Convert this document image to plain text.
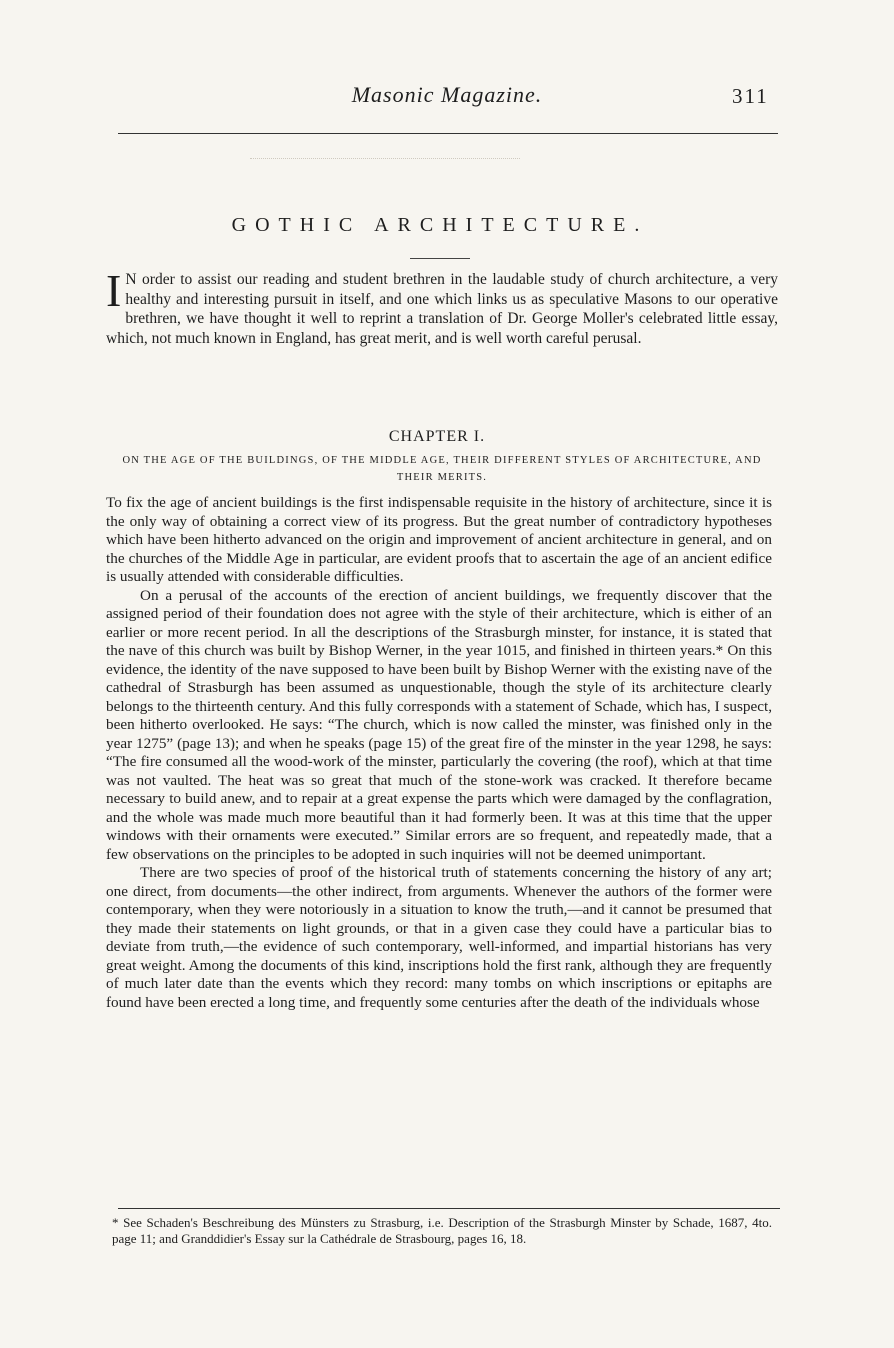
Masonic Magazine.	311
GOTHIC ARCHITECTURE.
I N order to assist our reading and student brethren in the laudable study of church architecture, a very healthy and interesting pursuit in itself, and one which links us as speculative Masons to our operative brethren, we have thought it well to reprint a translation of Dr. George Moller's celebrated little essay, which, not much known in England, has great merit, and is well worth careful perusal.
CHAPTER I.
ON THE AGE OF THE BUILDINGS, OF THE MIDDLE AGE, THEIR DIFFERENT STYLES OF ARCHITECTURE, AND THEIR MERITS.

To fix the age of ancient buildings is the first indispensable requisite in the history of architecture, since it is the only way of obtaining a correct view of its progress. But the great number of contradictory hypotheses which have been hitherto advanced on the origin and improvement of ancient architecture in general, and on the churches of the Middle Age in particular, are evident proofs that to ascertain the age of an ancient edifice is usually attended with considerable difficulties.

On a perusal of the accounts of the erection of ancient buildings, we frequently discover that the assigned period of their foundation does not agree with the style of their architecture, which is either of an earlier or more recent period. In all the descriptions of the Strasburgh minster, for instance, it is stated that the nave of this church was built by Bishop Werner, in the year 1015, and finished in thirteen years.* On this evidence, the identity of the nave supposed to have been built by Bishop Werner with the existing nave of the cathedral of Strasburgh has been assumed as unquestionable, though the style of its architecture clearly belongs to the thirteenth century. And this fully corresponds with a statement of Schade, which has, I suspect, been hitherto overlooked. He says: “The church, which is now called the minster, was finished only in the year 1275” (page 13); and when he speaks (page 15) of the great fire of the minster in the year 1298, he says: “The fire consumed all the wood-work of the minster, particularly the covering (the roof), which at that time was not vaulted. The heat was so great that much of the stone-work was cracked. It therefore became necessary to build anew, and to repair at a great expense the parts which were damaged by the conflagration, and the whole was made much more beautiful than it had formerly been. It was at this time that the upper windows with their ornaments were executed.” Similar errors are so frequent, and repeatedly made, that a few observations on the principles to be adopted in such inquiries will not be deemed unimportant.

There are two species of proof of the historical truth of statements concerning the history of any art; one direct, from documents—the other indirect, from arguments. Whenever the authors of the former were contemporary, when they were notoriously in a situation to know the truth,—and it cannot be presumed that they made their statements on light grounds, or that in a given case they could have a particular bias to deviate from truth,—the evidence of such contemporary, well-informed, and impartial historians has very great weight. Among the documents of this kind, inscriptions hold the first rank, although they are frequently of much later date than the events which they record: many tombs on which inscriptions or epitaphs are found have been erected a long time, and frequently some centuries after the death of the individuals whose

* See Schaden's Beschreibung des Münsters zu Strasburg, i.e. Description of the Strasburgh Minster by Schade, 1687, 4to. page 11; and Granddidier's Essay sur la Cathédrale de Strasbourg, pages 16, 18.
